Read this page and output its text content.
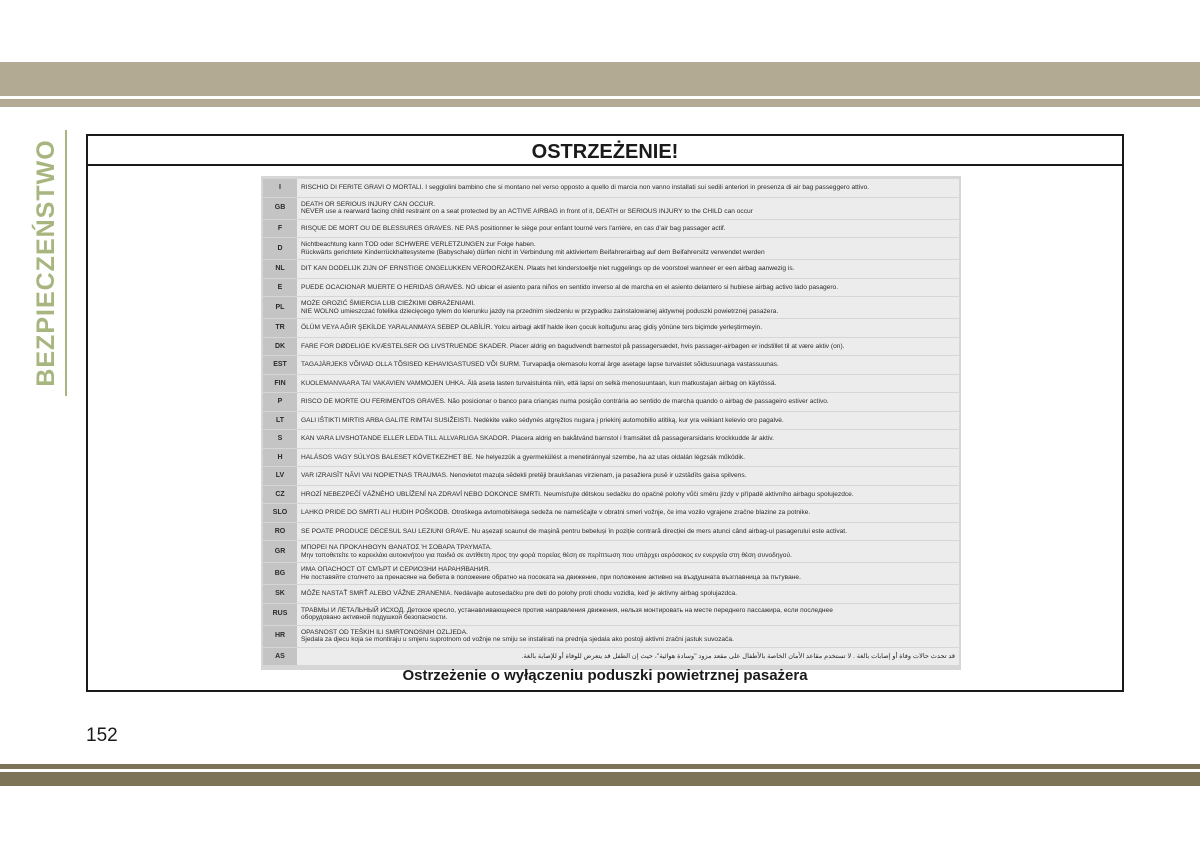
BEZPIECZEŃSTWO	OSTRZEŻENIE!
I	RISCHIO DI FERITE GRAVI O MORTALI. I seggiolini bambino che si montano nel verso opposto a quello di marcia non vanno installati sui sedili anteriori in presenza di air bag passeggero attivo.
GB	DEATH OR SERIOUS INJURY CAN OCCUR.
NEVER use a rearward facing child restraint on a seat protected by an ACTIVE AIRBAG in front of it, DEATH or SERIOUS INJURY to the CHILD can occur

F	RISQUE DE MORT OU DE BLESSURES GRAVES. NE PAS positionner le siège pour enfant tourné vers l'arrière, en cas d'air bag passager actif.
D	Nichtbeachtung kann TOD oder SCHWERE VERLETZUNGEN zur Folge haben.
Rückwärts gerichtete Kinderrückhaltesysteme (Babyschale) dürfen nicht in Verbindung mit aktiviertem Beifahrerairbag auf dem Beifahrersitz verwendet werden

NL	DIT KAN DODELIJK ZIJN OF ERNSTIGE ONGELUKKEN VEROORZAKEN. Plaats het kinderstoeltje niet ruggelings op de voorstoel wanneer er een airbag aanwezig is.
E	PUEDE OCACIONAR MUERTE O HERIDAS GRAVES. NO ubicar el asiento para niños en sentido inverso al de marcha en el asiento delantero si hubiese airbag activo lado pasagero.
PL	MOŻE GROZIĆ ŚMIERCIA LUB CIEŻKIMI OBRAŻENIAMI.
NIE WOLNO umieszczać fotelika dziecięcego tyłem do kierunku jazdy na przednim siedzeniu w przypadku zainstalowanej aktywnej poduszki powietrznej pasażera.

TR	ÖLÜM VEYA AĞIR ŞEKİLDE YARALANMAYA SEBEP OLABİLİR. Yolcu airbagi aktif halde iken çocuk koltuğunu araç gidiş yönüne ters biçimde yerleştirmeyin.
DK	FARE FOR DØDELIGE KVÆSTELSER OG LIVSTRUENDE SKADER. Placer aldrig en bagudvendt barnestol på passagersædet, hvis passager-airbagen er indstillet til at være aktiv (on).
EST	TAGAJÄRJEKS VÕIVAD OLLA TÕSISED KEHAVIGASTUSED VÕI SURM. Turvapadja olemasolu korral ärge asetage lapse turvaistet sõidusuunaga vastassuunas.
FIN	KUOLEMANVAARA TAI VAKAVIEN VAMMOJEN UHKA. Älä aseta lasten turvaistuinta niin, että lapsi on selkä menosuuntaan, kun matkustajan airbag on käytössä.
P	RISCO DE MORTE OU FERIMENTOS GRAVES. Não posicionar o banco para crianças numa posição contrária ao sentido de marcha quando o airbag de passageiro estiver activo.
LT	GALI IŠTIKTI MIRTIS ARBA GALITE RIMTAI SUSIŽEISTI. Nedėkite vaiko sėdynės atgręžtos nugara į priekinį automobilio atitiką, kur yra veikiant kelevio oro pagalvė.
S	KAN VARA LIVSHOTANDE ELLER LEDA TILL ALLVARLIGA SKADOR. Placera aldrig en bakåtvänd barnstol i framsätet då passagerarsidans krockkudde är aktiv.
H	HALÁSOS VAGY SÚLYOS BALESET KÖVETKEZHET BE. Ne helyezzük a gyermekülést a menetiránnyal szembe, ha az utas oldalán légzsák működik.
LV	VAR IZRAISĪT NĀVI VAI NOPIETNAS TRAUMAS. Nenovietot mazuļa sēdekli pretēji braukšanas virzienam, ja pasažiera pusē ir uzstādīts gaisa spilvens.
CZ	HROZÍ NEBEZPEČÍ VÁŽNÉHO UBLÍŽENÍ NA ZDRAVÍ NEBO DOKONCE SMRTI. Neumísťujte dětskou sedačku do opačné polohy vůči směru jízdy v případě aktivního airbagu spolujezdce.
SLO	LAHKO PRIDE DO SMRTI ALI HUDIH POŠKODB. Otroškega avtomobilskega sedeža ne nameščajte v obratni smeri vožnje, če ima vozilo vgrajene zračne blazine za potnike.
RO	SE POATE PRODUCE DECESUL SAU LEZIUNI GRAVE. Nu așezați scaunul de mașină pentru bebeluși în poziție contrară direcției de mers atunci când airbag-ul pasagerului este activat.
GR	ΜΠΟΡΕΙ ΝΑ ΠΡΟΚΛΗΘΟΥΝ ΘΑΝΑΤΟΣ Ή ΣΟΒΑΡΑ ΤΡΑΥΜΑΤΑ.
Μην τοποθετείτε το καρεκλάκι αυτοκινήτου για παιδιά σε αντίθετη προς την φορά πορείας θέση σε περίπτωση που υπάρχει αερόσακος εν ενεργεία στη θέση συνοδηγού.

BG	ИМА ОПАСНОСТ ОТ СМЪРТ И СЕРИОЗНИ НАРАНЯВАНИЯ.
Не поставяйте столчето за пренасяне на бебета в положение обратно на посоката на движение, при положение активно на въздушната възглавница за пътуване.

SK	MÔŽE NASTAŤ SMRŤ ALEBO VÁŽNE ZRANENIA. Nedávajte autosedačku pre deti do polohy proti chodu vozidla, keď je aktívny airbag spolujazdca.
RUS	ТРАВМЫ И ЛЕТАЛЬНЫЙ ИСХОД. Детское кресло, устанавливающееся против направления движения, нельзя монтировать на месте переднего пассажира, если последнее
оборудовано активной подушкой безопасности.

HR	OPASNOST OD TEŠKIH ILI SMRTONOSNIH OZLJEDA.
Sjedala za djecu koja se montiraju u smjeru suprotnom od vožnje ne smiju se instalirati na prednja sjedala ako postoji aktivni zračni jastuk suvozača.

AS	قد تحدث حالات وفاة أو إصابات بالغة . لا تستخدم مقاعد الأمان الخاصة بالأطفال على مقعد مزود "وسادة هوائية"، حيث إن الطفل قد يتعرض للوفاة أو للإصابة بالغة.
Ostrzeżenie o wyłączeniu poduszki powietrznej pasażera
152
